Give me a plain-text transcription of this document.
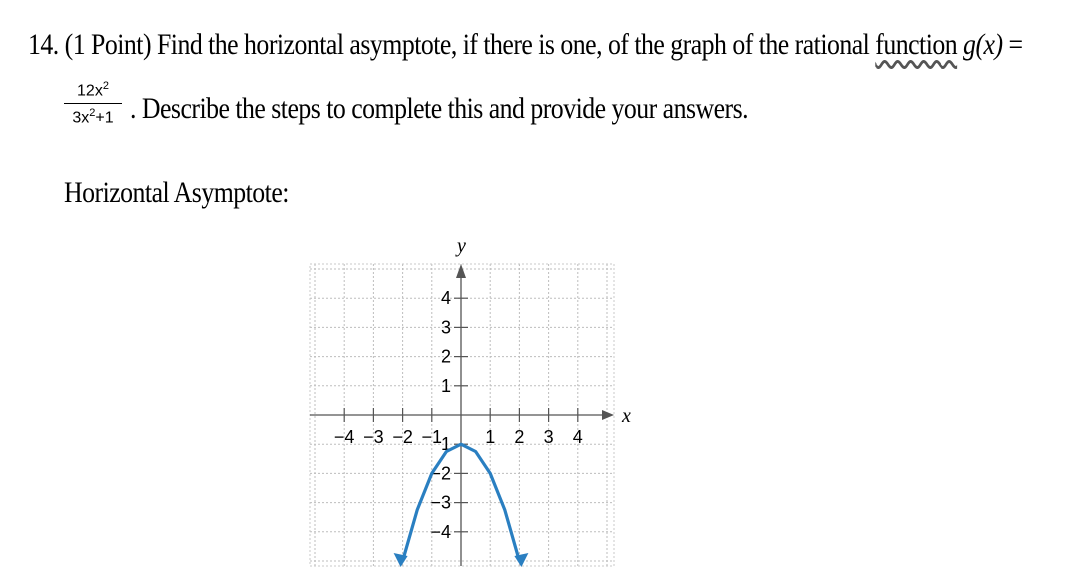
14. (1 Point) Find the horizontal asymptote, if there is one, of the graph of the rational function g(x) =
$12x^2$
$3x^2+1$ . Describe the steps to complete this and provide your answers.
Horizontal Asymptote:
−4 −3 −2 −1 1 2 3 4
4
3
2
1
1
−2
−3
−4
y
x
